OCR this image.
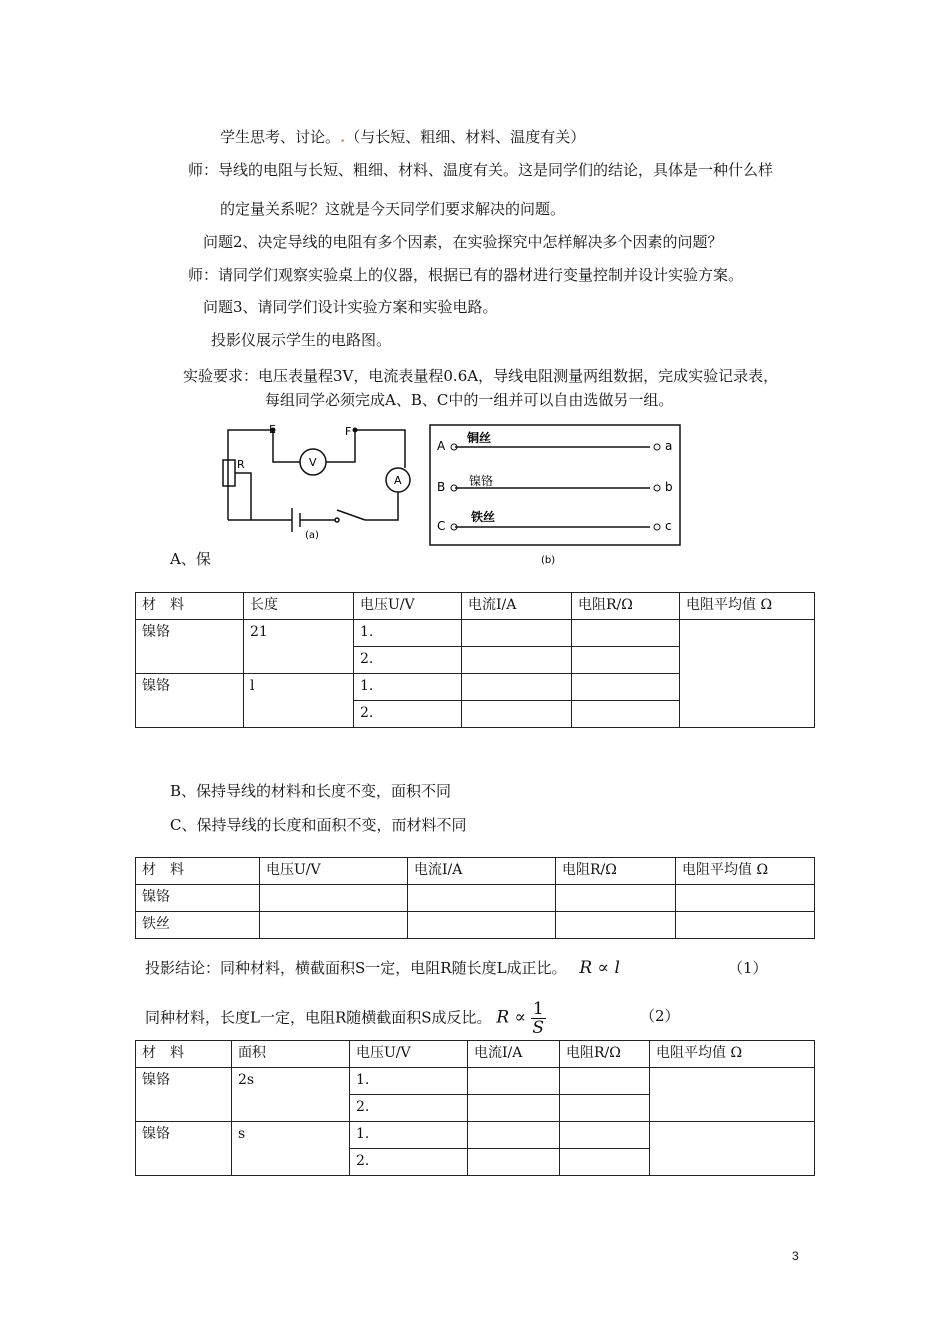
学生思考、讨论。.（与长短、粗细、材料、温度有关）
师：导线的电阻与长短、粗细、材料、温度有关。这是同学们的结论，具体是一种什么样
的定量关系呢？这就是今天同学们要求解决的问题。
问题2、决定导线的电阻有多个因素，在实验探究中怎样解决多个因素的问题？
师：请同学们观察实验桌上的仪器，根据已有的器材进行变量控制并设计实验方案。
问题3、请同学们设计实验方案和实验电路。
投影仪展示学生的电路图。
实验要求：电压表量程3V，电流表量程0.6A，导线电阻测量两组数据，完成实验记录表，
每组同学必须完成A、B、C中的一组并可以自由选做另一组。
E	F
R	V
A
(a)
A
B
C
a
b
c
铜丝
镍铬
铁丝
(b)
A、保
材　料	长度	电压U/V	电流I/A	电阻R/Ω	电阻平均值 Ω
镍铬	21	1.			
		2.			
镍铬	l	1.			
		2.			
B、保持导线的材料和长度不变，面积不同
C、保持导线的长度和面积不变，而材料不同
材　料	电压U/V	电流I/A	电阻R/Ω	电阻平均值 Ω
镍铬				
铁丝				
投影结论：同种材料，横截面积S一定，电阻R随长度L成正比。 R ∝ l	（1）
同种材料，长度L一定，电阻R随横截面积S成反比。 $R \propto \frac{1}{S}$	（2）
材　料	面积	电压U/V	电流I/A	电阻R/Ω	电阻平均值 Ω
镍铬	2s	1.			
		2.			
镍铬	s	1.			
		2.			
3
